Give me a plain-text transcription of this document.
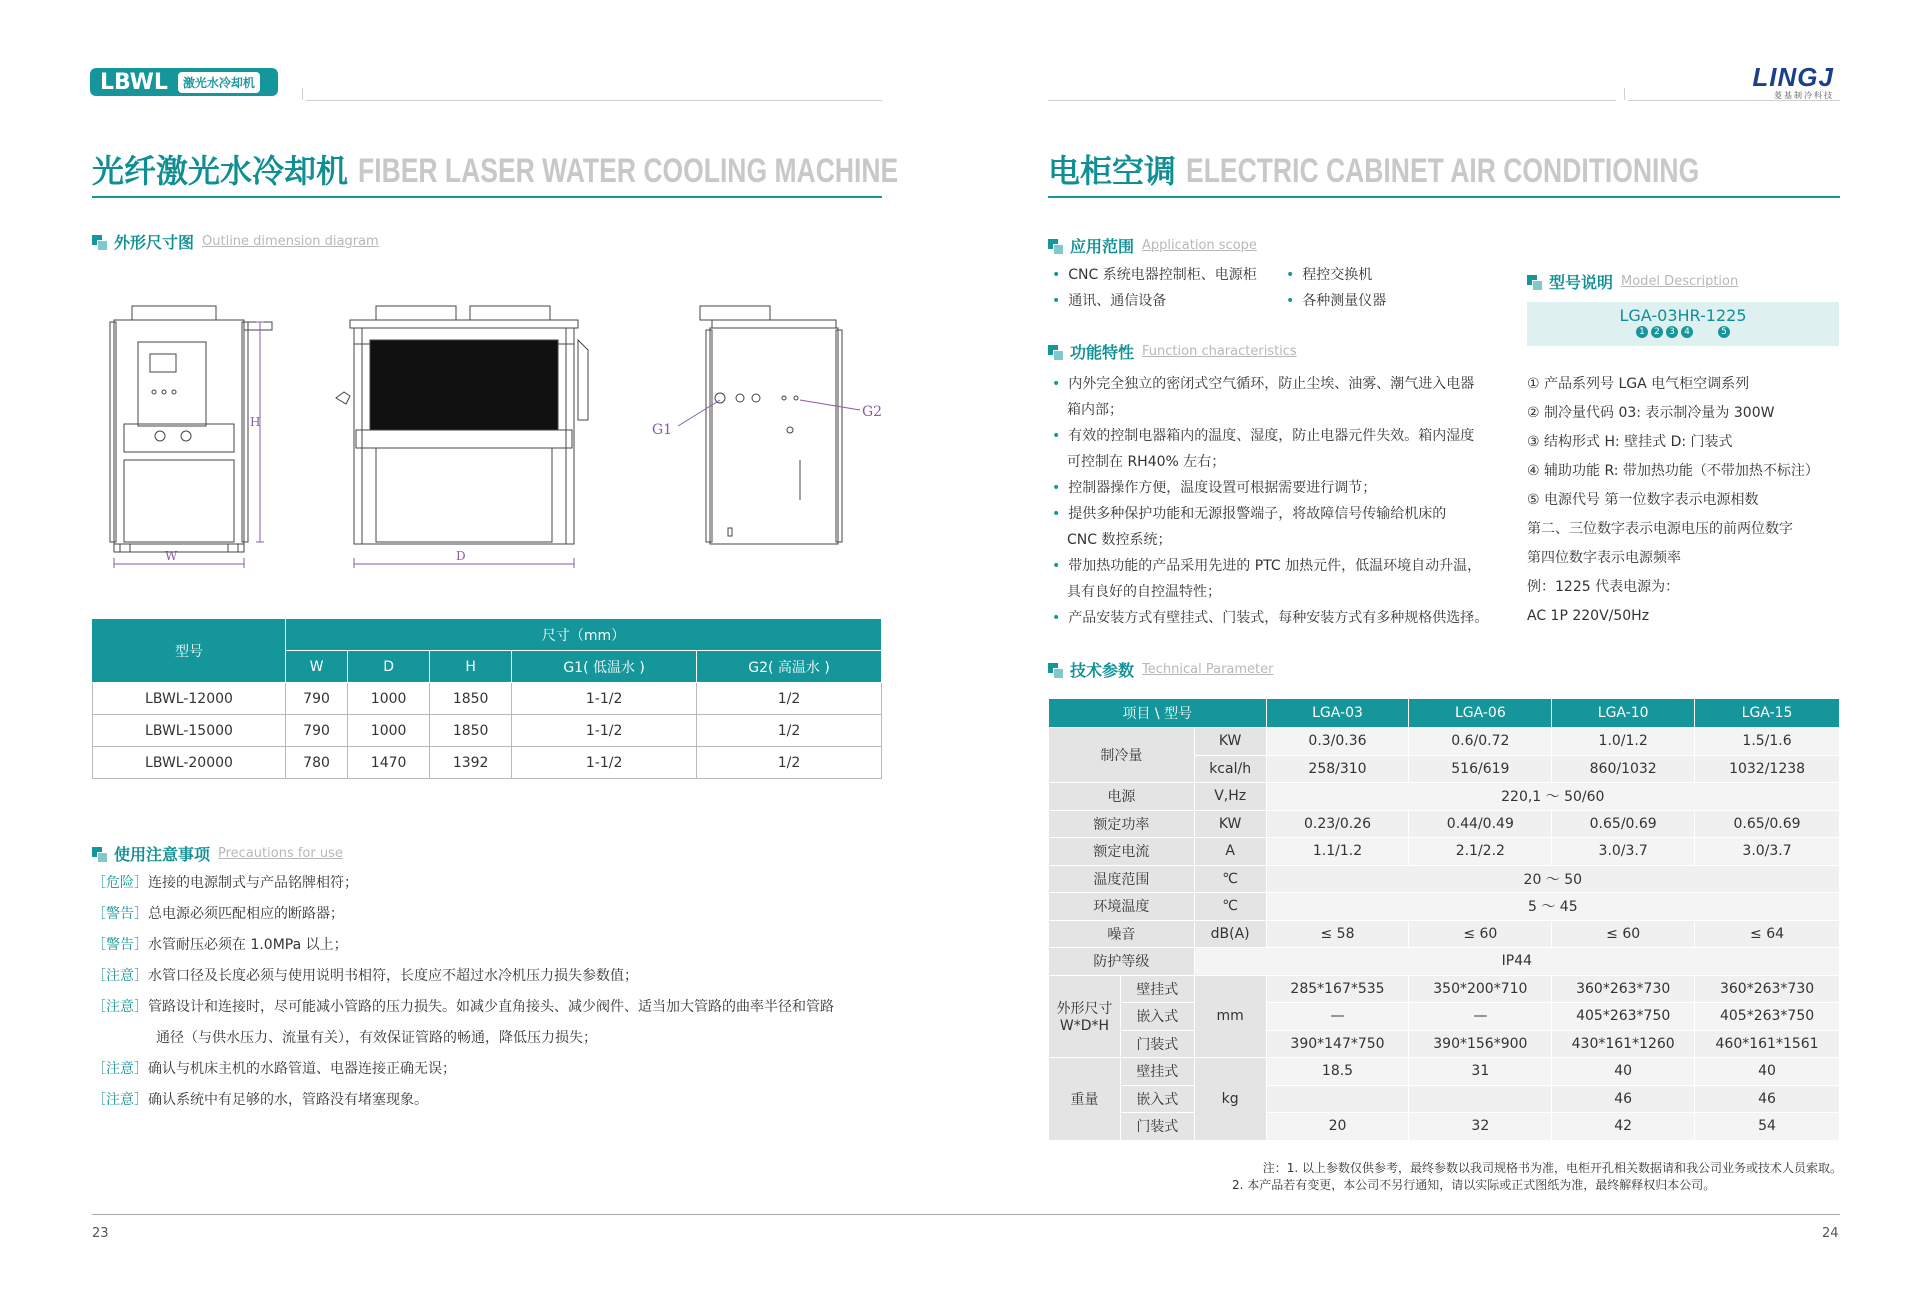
LBWL	激光水冷却机
光纤激光水冷却机 FIBER LASER WATER COOLING MACHINE
外形尺寸图 Outline dimension diagram
H
W	D
G1
G2
型号	尺寸（mm）				
	W	D	H	G1( 低温水 )	G2( 高温水 )
LBWL-12000	790	1000	1850	1-1/2	1/2
LBWL-15000	790	1000	1850	1-1/2	1/2
LBWL-20000	780	1470	1392	1-1/2	1/2
使用注意事项 Precautions for use
［危险］连接的电源制式与产品铭牌相符；
［警告］总电源必须匹配相应的断路器；
［警告］水管耐压必须在 1.0MPa 以上；
［注意］水管口径及长度必须与使用说明书相符，长度应不超过水冷机压力损失参数值；
［注意］管路设计和连接时，尽可能减小管路的压力损失。如减少直角接头、减少阀件、适当加大管路的曲率半径和管路
通径（与供水压力、流量有关），有效保证管路的畅通，降低压力损失；
［注意］确认与机床主机的水路管道、电器连接正确无误；
［注意］确认系统中有足够的水，管路没有堵塞现象。
LINGJ
菱基制冷科技
电柜空调 ELECTRIC CABINET AIR CONDITIONING
应用范围 Application scope
• CNC 系统电器控制柜、电源柜
• 通讯、通信设备
• 程控交换机
• 各种测量仪器
功能特性 Function characteristics
• 内外完全独立的密闭式空气循环，防止尘埃、油雾、潮气进入电器
箱内部；
• 有效的控制电器箱内的温度、湿度，防止电器元件失效。箱内湿度
可控制在 RH40% 左右；
• 控制器操作方便，温度设置可根据需要进行调节；
• 提供多种保护功能和无源报警端子，将故障信号传输给机床的
CNC 数控系统；
• 带加热功能的产品采用先进的 PTC 加热元件，低温环境自动升温，
具有良好的自控温特性；
• 产品安装方式有壁挂式、门装式，每种安装方式有多种规格供选择。
型号说明 Model Description
LGA-03HR-1225
1	2	3	4	5
① 产品系列号 LGA 电气柜空调系列
② 制冷量代码 03: 表示制冷量为 300W
③ 结构形式 H: 壁挂式 D: 门装式
④ 辅助功能 R: 带加热功能（不带加热不标注）
⑤ 电源代号 第一位数字表示电源相数
第二、三位数字表示电源电压的前两位数字
第四位数字表示电源频率
例：1225 代表电源为：
AC 1P 220V/50Hz
技术参数 Technical Parameter
项目 \ 型号			LGA-03	LGA-06	LGA-10	LGA-15
制冷量		KW	0.3/0.36	0.6/0.72	1.0/1.2	1.5/1.6
		kcal/h	258/310	516/619	860/1032	1032/1238
电源		V,Hz	220,1 ～ 50/60			
额定功率		KW	0.23/0.26	0.44/0.49	0.65/0.69	0.65/0.69
额定电流		A	1.1/1.2	2.1/2.2	3.0/3.7	3.0/3.7
温度范围		℃	20 ～ 50			
环境温度		℃	5 ～ 45			
噪音		dB(A)	≤ 58	≤ 60	≤ 60	≤ 64
防护等级		IP44				

外形尺寸
W*D*H	壁挂式	mm	285*167*535	350*200*710	360*263*730	360*263*730
	嵌入式		—	—	405*263*750	405*263*750
	门装式		390*147*750	390*156*900	430*161*1260	460*161*1561
重量	壁挂式	kg	18.5	31	40	40
	嵌入式				46	46
	门装式		20	32	42	54
注：1. 以上参数仅供参考，最终参数以我司规格书为准，电柜开孔相关数据请和我公司业务或技术人员索取。
2. 本产品若有变更，本公司不另行通知，请以实际或正式图纸为准，最终解释权归本公司。
23	24
